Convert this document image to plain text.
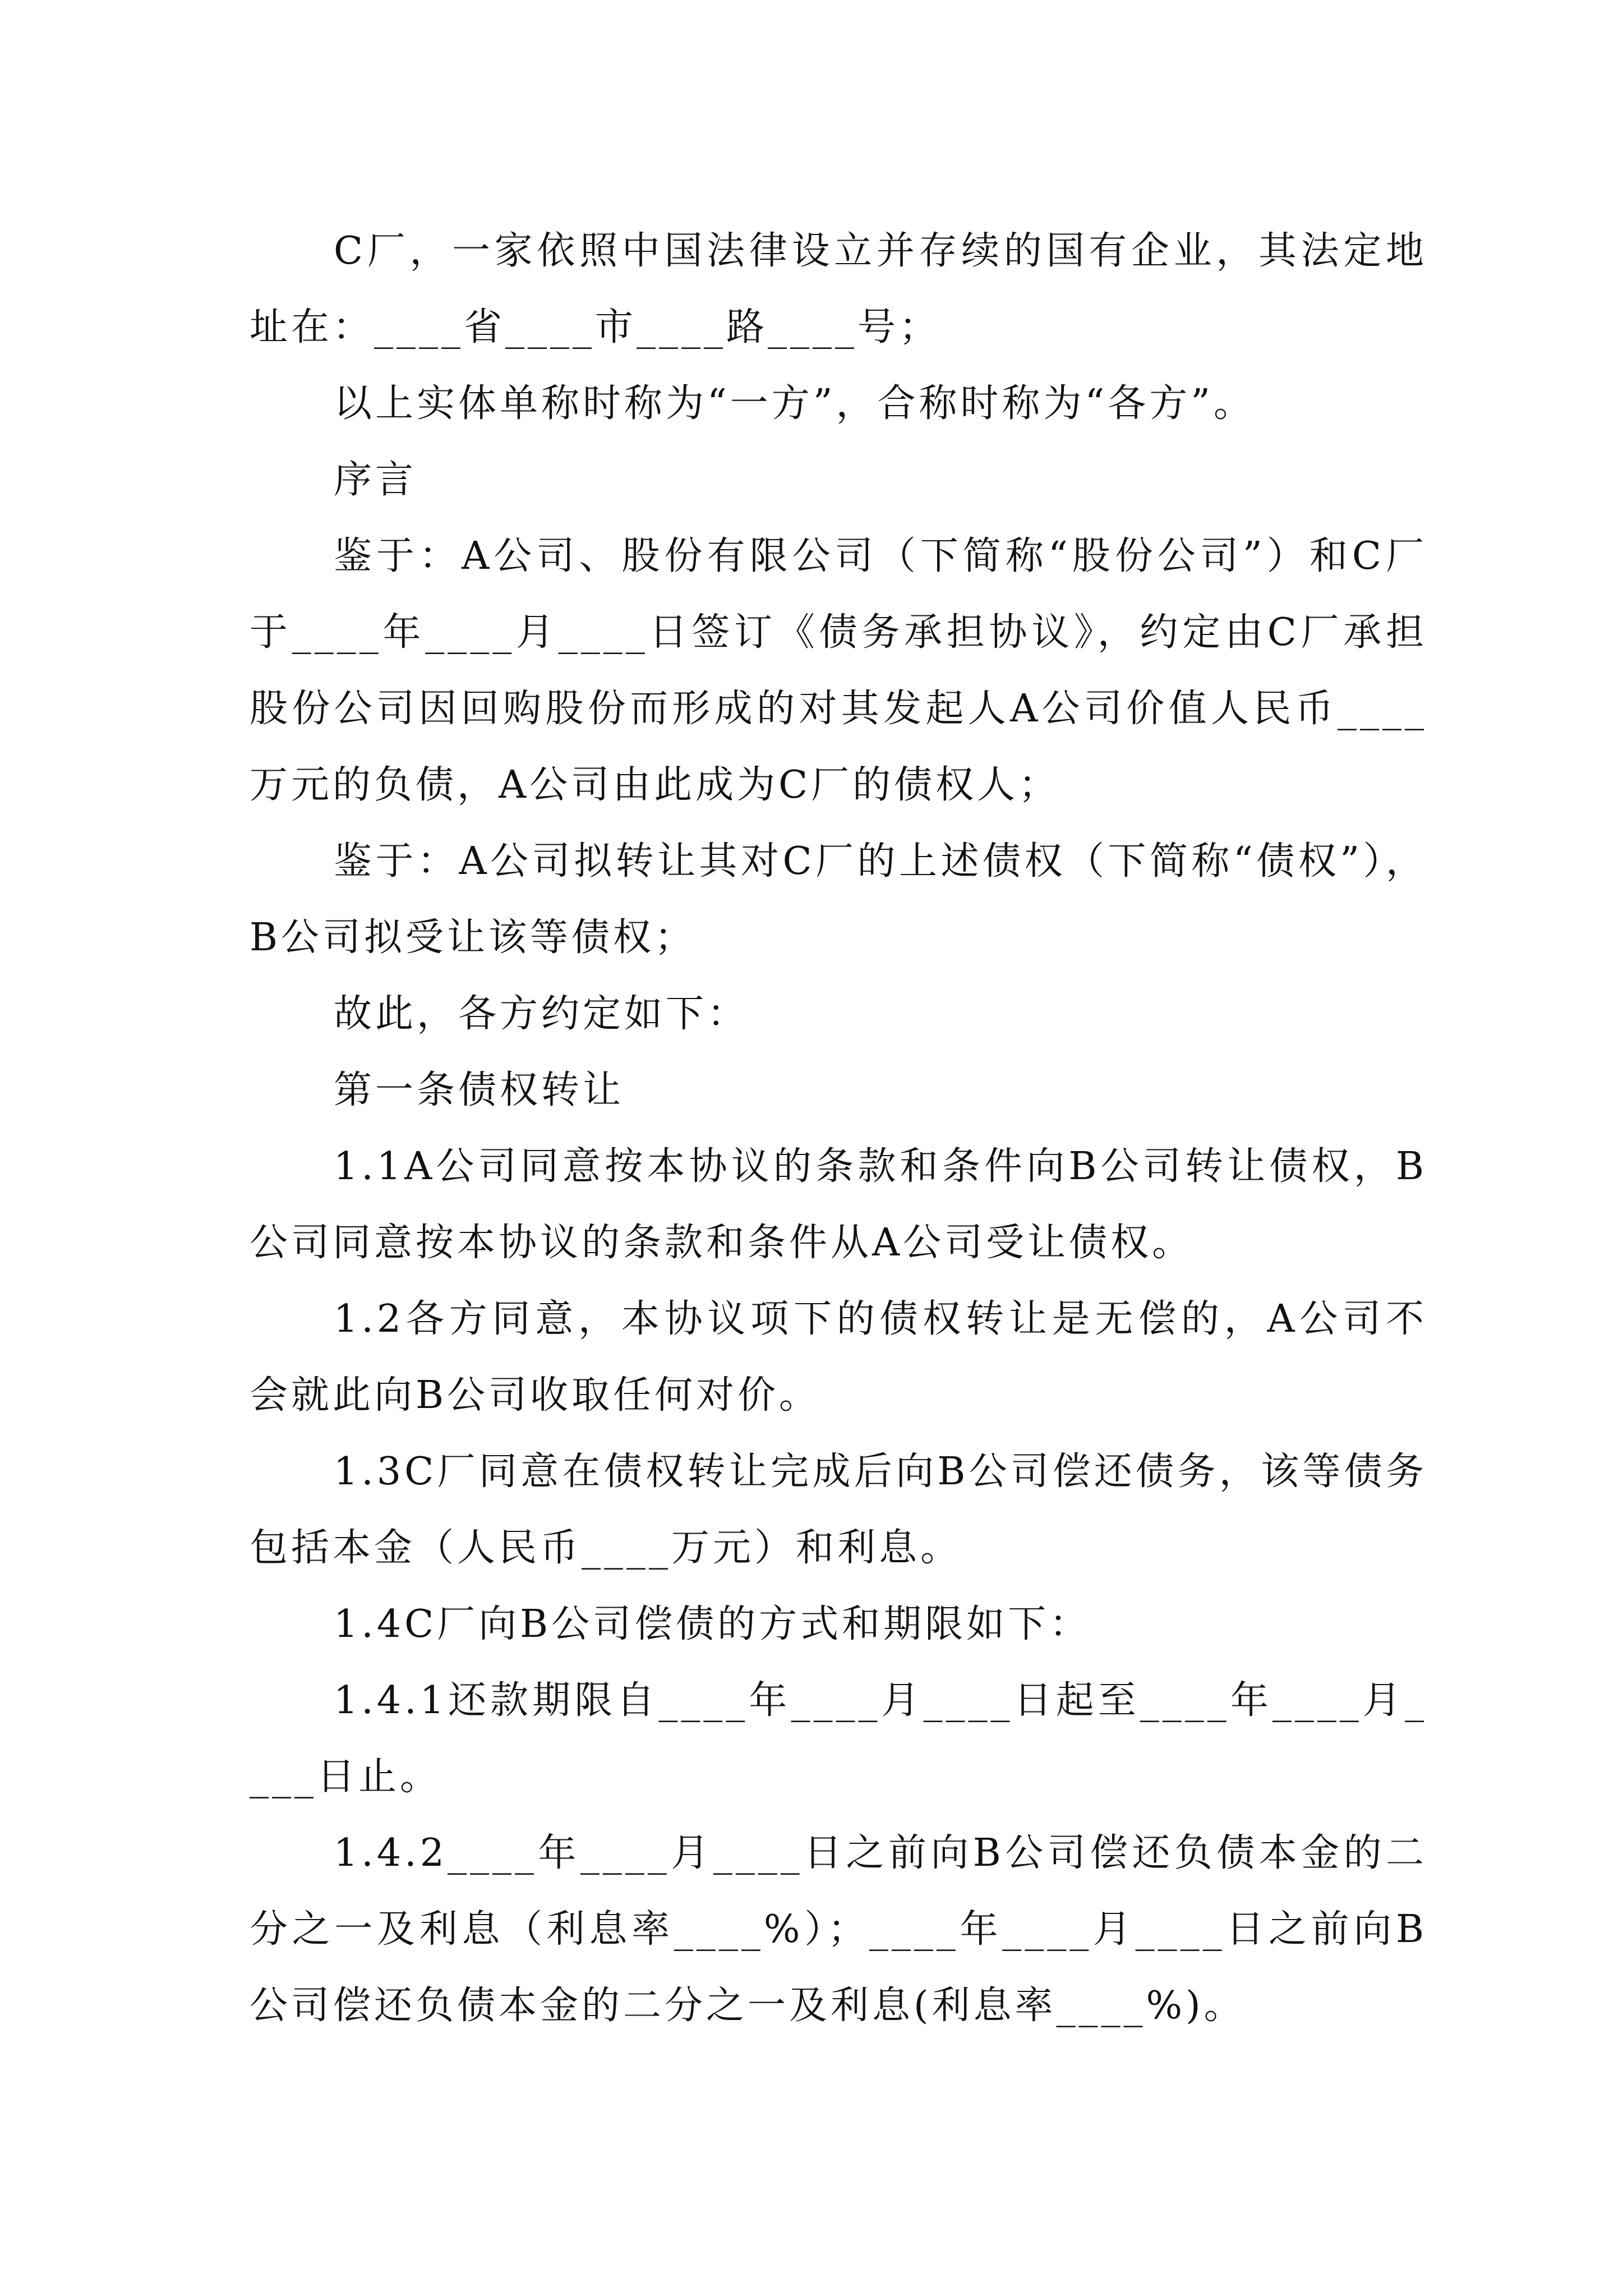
C厂，一家依照中国法律设立并存续的国有企业，其法定地址在：____省____市____路____号；

以上实体单称时称为“一方”，合称时称为“各方”。

序言

鉴于：A公司、股份有限公司（下简称“股份公司”）和C厂于____年____月____日签订《债务承担协议》，约定由C厂承担股份公司因回购股份而形成的对其发起人A公司价值人民币____万元的负债，A公司由此成为C厂的债权人；

鉴于：A公司拟转让其对C厂的上述债权（下简称“债权”），B公司拟受让该等债权；

故此，各方约定如下：

第一条债权转让

1.1A公司同意按本协议的条款和条件向B公司转让债权，B公司同意按本协议的条款和条件从A公司受让债权。

1.2各方同意，本协议项下的债权转让是无偿的，A公司不会就此向B公司收取任何对价。

1.3C厂同意在债权转让完成后向B公司偿还债务，该等债务包括本金（人民币____万元）和利息。

1.4C厂向B公司偿债的方式和期限如下：

1.4.1还款期限自____年____月____日起至____年____月____日止。

1.4.2____年____月____日之前向B公司偿还负债本金的二分之一及利息（利息率____%）；____年____月____日之前向B公司偿还负债本金的二分之一及利息(利息率____%)。
